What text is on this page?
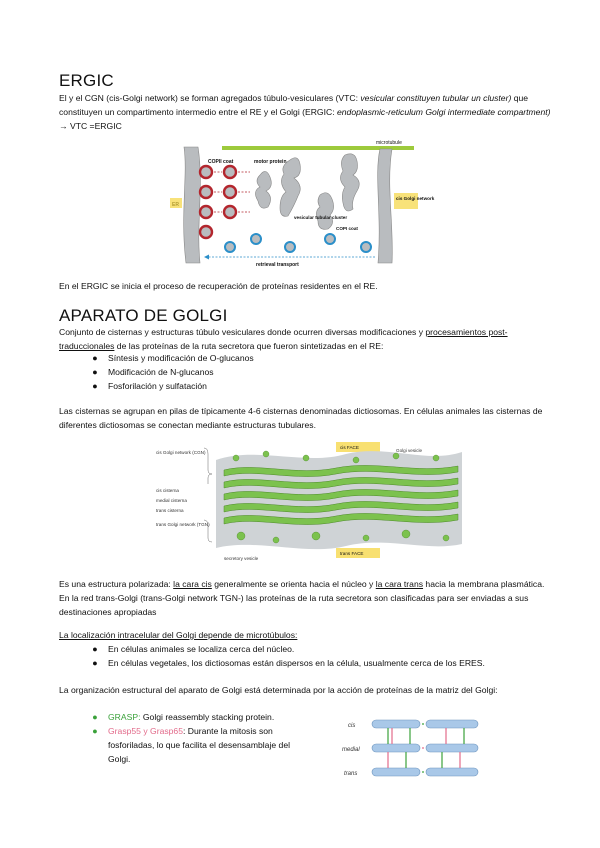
ERGIC

El y el CGN (cis-Golgi network) se forman agregados túbulo-vesiculares (VTC: vesicular constituyen tubular un cluster) que constituyen un compartimento intermedio entre el RE y el Golgi (ERGIC: endoplasmic-reticulum Golgi intermediate compartment) → VTC =ERGIC

microtubule
COPII coat	motor protein
cis Golgi network
COPI coat
vesicular tubular cluster
retrieval transport

En el ERGIC se inicia el proceso de recuperación de proteínas residentes en el RE.

APARATO DE GOLGI

Conjunto de cisternas y estructuras túbulo vesiculares donde ocurren diversas modificaciones y procesamientos post-traduccionales de las proteínas de la ruta secretora que fueron sintetizadas en el RE:

●	Síntesis y modificación de O-glucanos
●	Modificación de N-glucanos
●	Fosforilación y sulfatación

Las cisternas se agrupan en pilas de típicamente 4-6 cisternas denominadas dictiosomas. En células animales las cisternas de diferentes dictiosomas se conectan mediante estructuras tubulares.

cis Golgi network (CGN)
cis cisterna
medial cisterna
trans cisterna
trans Golgi network (TGN)
secretory vesicle
Golgi vesicle
cis FACE
trans FACE

Es una estructura polarizada: la cara cis generalmente se orienta hacia el núcleo y la cara trans hacia la membrana plasmática. En la red trans-Golgi (trans-Golgi network TGN-) las proteínas de la ruta secretora son clasificadas para ser enviadas a sus destinaciones apropiadas

La localización intracelular del Golgi depende de microtúbulos:

●	En células animales se localiza cerca del núcleo.
●	En células vegetales, los dictiosomas están dispersos en la célula, usualmente cerca de los ERES.

La organización estructural del aparato de Golgi está determinada por la acción de proteínas de la matriz del Golgi:

●	GRASP: Golgi reassembly stacking protein.
●	Grasp55 y Grasp65: Durante la mitosis son fosforiladas, lo que facilita el desensamblaje del Golgi.
cis
medial
trans
